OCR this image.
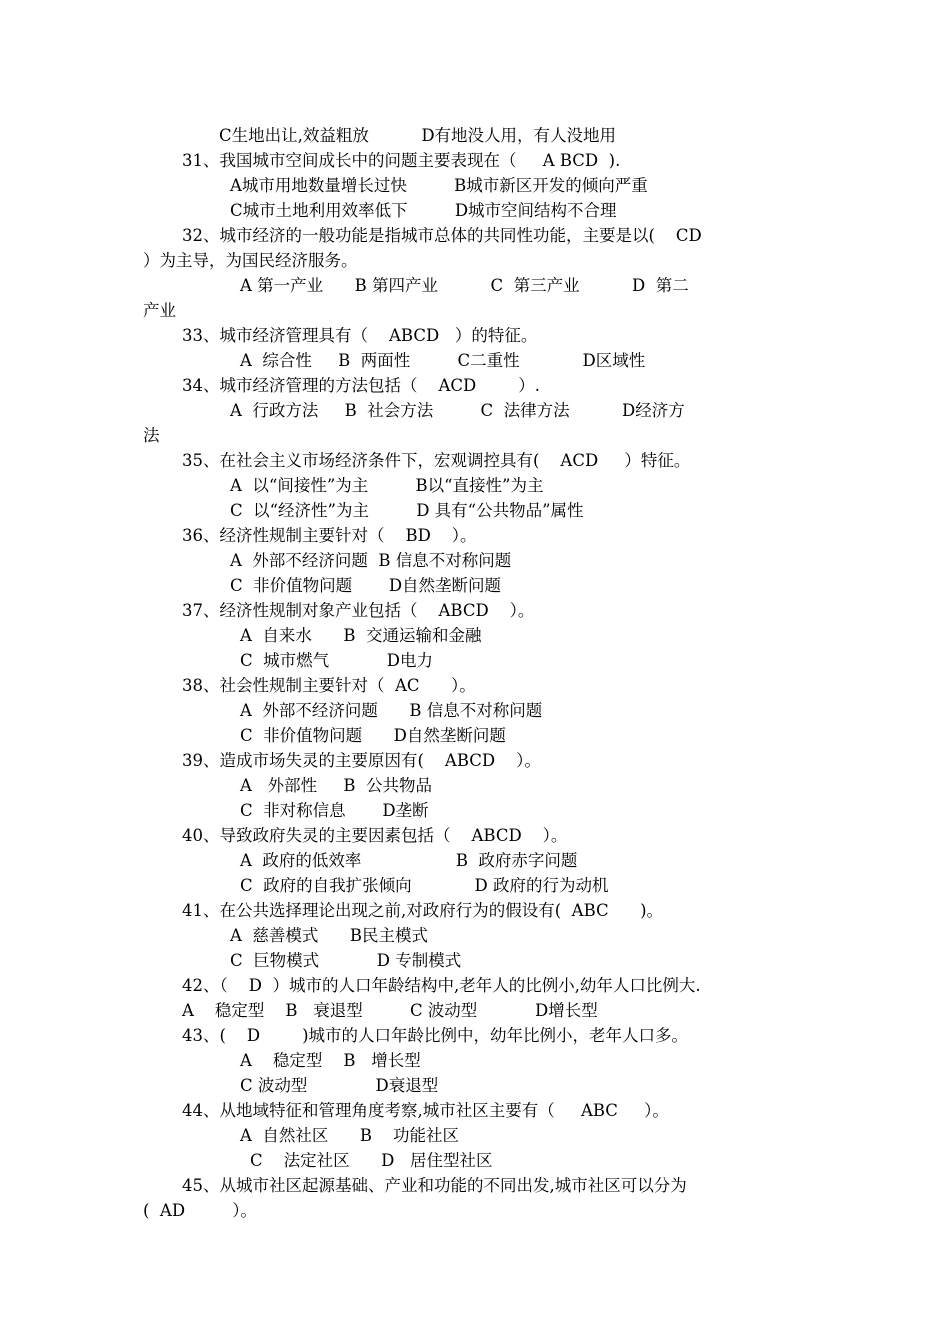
C生地出让,效益粗放          D有地没人用，有人没地用
31、我国城市空间成长中的问题主要表现在（     A BCD  ).
A城市用地数量增长过快         B城市新区开发的倾向严重
C城市土地利用效率低下         D城市空间结构不合理
32、城市经济的一般功能是指城市总体的共同性功能，主要是以(    CD
）为主导，为国民经济服务。
A 第一产业      B 第四产业          C  第三产业          D  第二
产业
33、城市经济管理具有（    ABCD   ）的特征。
A  综合性     B  两面性         C二重性            D区域性
34、城市经济管理的方法包括（    ACD        ）.
A  行政方法     B  社会方法         C  法律方法          D经济方
法
35、在社会主义市场经济条件下，宏观调控具有(    ACD     ）特征。
A  以“间接性”为主         B以“直接性”为主
C  以“经济性”为主         D 具有“公共物品”属性
36、经济性规制主要针对（    BD    ）。
A  外部不经济问题  B 信息不对称问题
C  非价值物问题       D自然垄断问题
37、经济性规制对象产业包括（    ABCD    ）。
A  自来水      B  交通运输和金融
C  城市燃气           D电力
38、社会性规制主要针对（  AC      ）。
A  外部不经济问题      B 信息不对称问题
C  非价值物问题      D自然垄断问题
39、造成市场失灵的主要原因有(    ABCD    ）。
A   外部性     B  公共物品
C  非对称信息       D垄断
40、导致政府失灵的主要因素包括（    ABCD    ）。
A  政府的低效率                  B  政府赤字问题
C  政府的自我扩张倾向            D 政府的行为动机
41、在公共选择理论出现之前,对政府行为的假设有(  ABC      )。
A  慈善模式      B民主模式
C  巨物模式           D 专制模式
42、（    D  ）城市的人口年龄结构中,老年人的比例小,幼年人口比例大.
A    稳定型    B   衰退型         C 波动型           D增长型
43、(    D        )城市的人口年龄比例中，幼年比例小，老年人口多。
A    稳定型    B   增长型
C 波动型             D衰退型
44、从地域特征和管理角度考察,城市社区主要有（     ABC     ）。
A  自然社区      B    功能社区
C    法定社区      D   居住型社区
45、从城市社区起源基础、产业和功能的不同出发,城市社区可以分为
(  AD         ）。
